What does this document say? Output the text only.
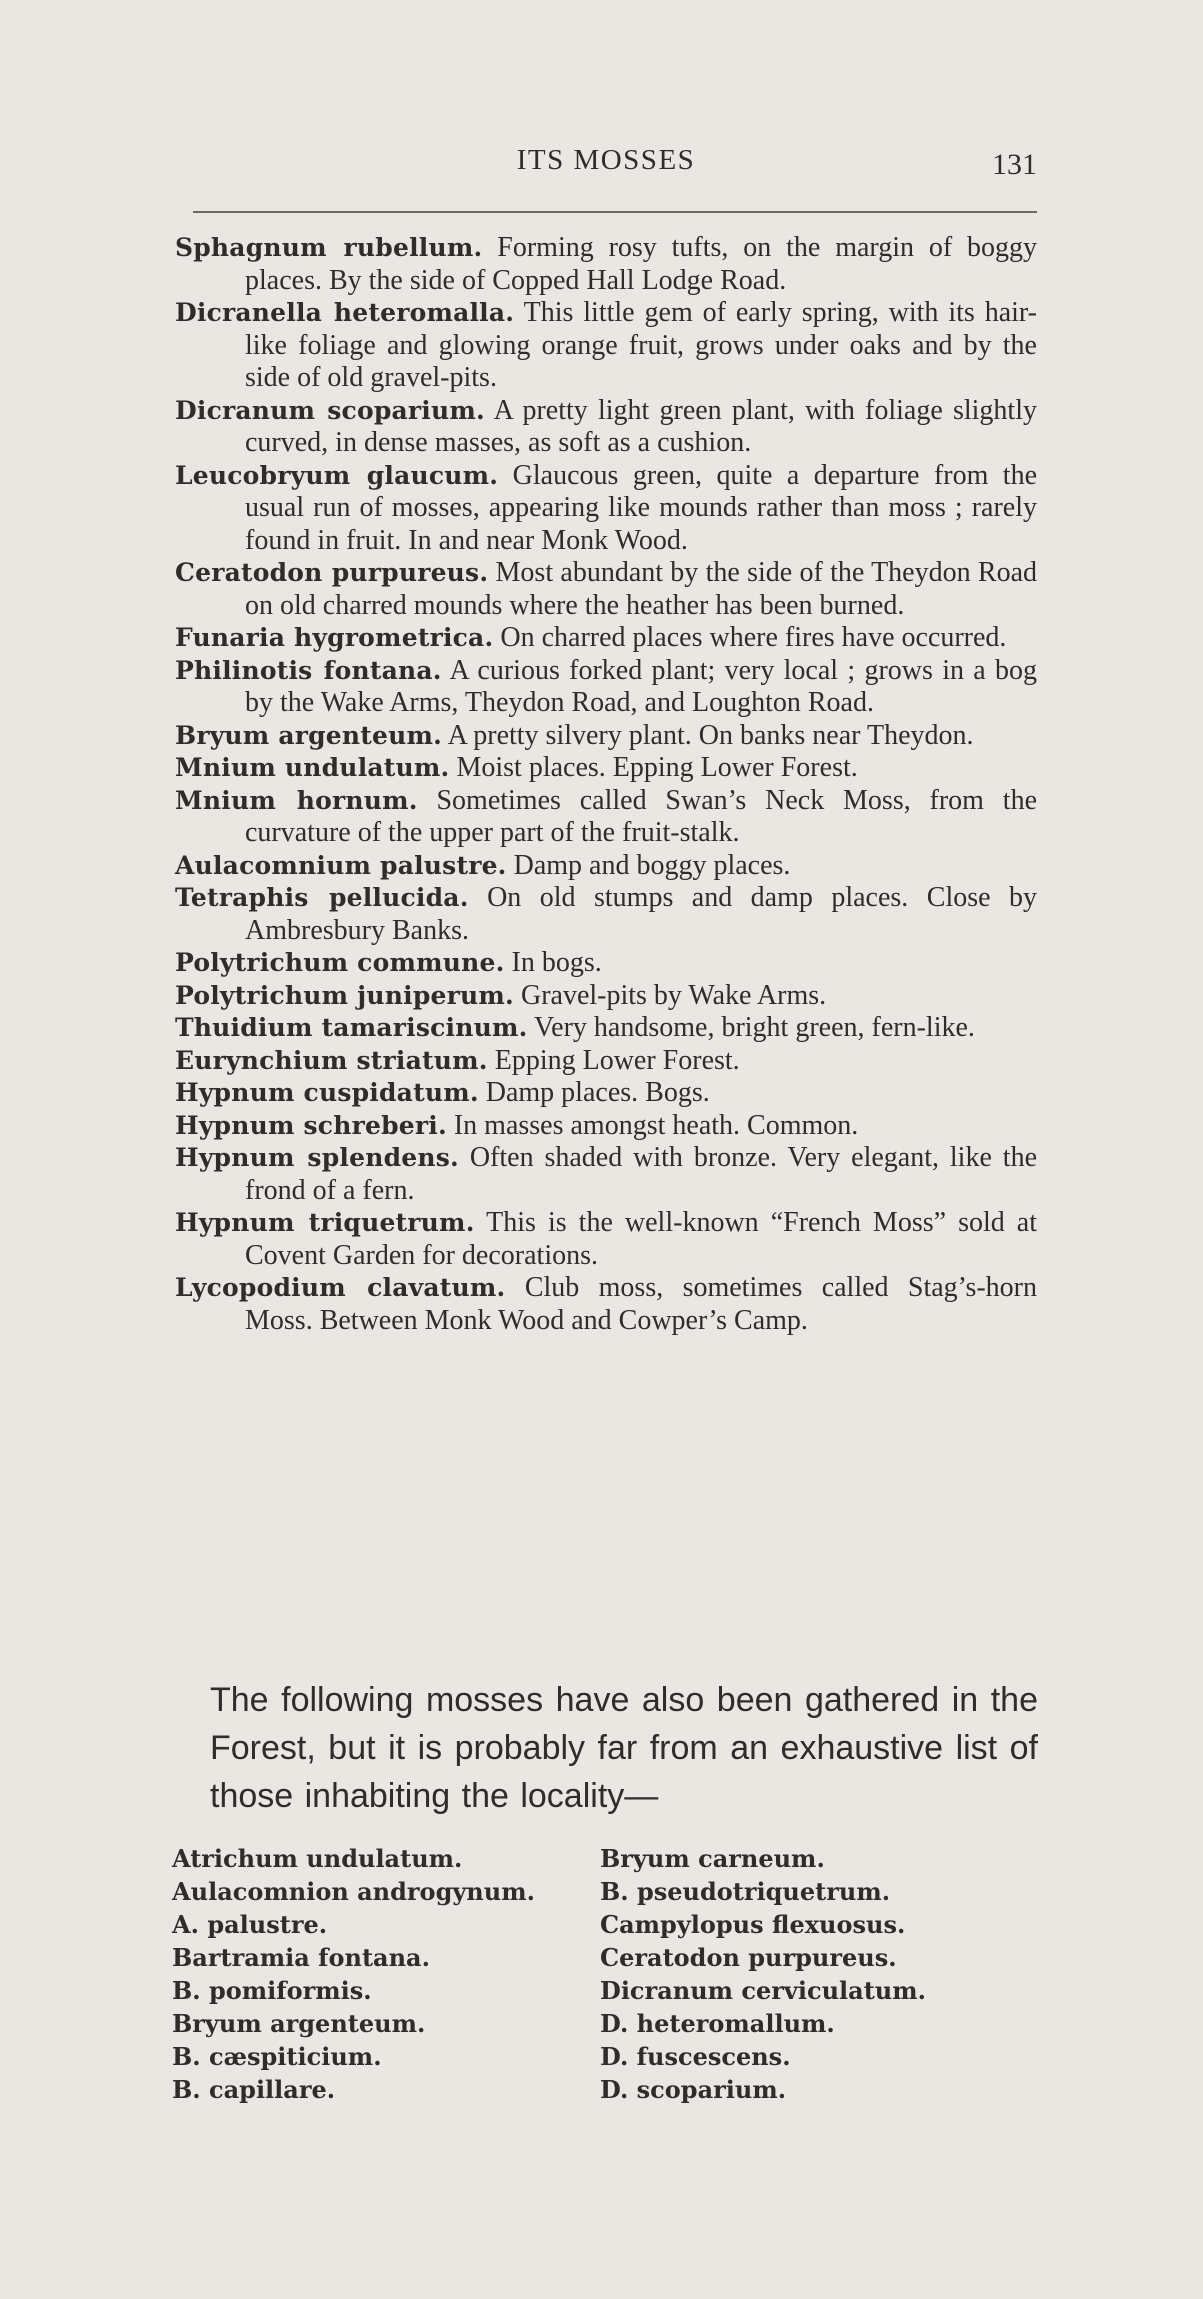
ITS MOSSES	131

Sphagnum rubellum. Forming rosy tufts, on the margin of boggy places. By the side of Copped Hall Lodge Road.

Dicranella heteromalla. This little gem of early spring, with its hair-like foliage and glowing orange fruit, grows under oaks and by the side of old gravel-pits.

Dicranum scoparium. A pretty light green plant, with foliage slightly curved, in dense masses, as soft as a cushion.

Leucobryum glaucum. Glaucous green, quite a departure from the usual run of mosses, appearing like mounds rather than moss ; rarely found in fruit. In and near Monk Wood.

Ceratodon purpureus. Most abundant by the side of the Theydon Road on old charred mounds where the heather has been burned.

Funaria hygrometrica. On charred places where fires have occurred.

Philinotis fontana. A curious forked plant; very local ; grows in a bog by the Wake Arms, Theydon Road, and Loughton Road.

Bryum argenteum. A pretty silvery plant. On banks near Theydon.

Mnium undulatum. Moist places. Epping Lower Forest.

Mnium hornum. Sometimes called Swan’s Neck Moss, from the curvature of the upper part of the fruit-stalk.

Aulacomnium palustre. Damp and boggy places.

Tetraphis pellucida. On old stumps and damp places. Close by Ambresbury Banks.

Polytrichum commune. In bogs.

Polytrichum juniperum. Gravel-pits by Wake Arms.

Thuidium tamariscinum. Very handsome, bright green, fern-like.

Eurynchium striatum. Epping Lower Forest.

Hypnum cuspidatum. Damp places. Bogs.

Hypnum schreberi. In masses amongst heath. Common.

Hypnum splendens. Often shaded with bronze. Very elegant, like the frond of a fern.

Hypnum triquetrum. This is the well-known “French Moss” sold at Covent Garden for decorations.

Lycopodium clavatum. Club moss, sometimes called Stag’s-horn Moss. Between Monk Wood and Cowper’s Camp.

The following mosses have also been gathered in the Forest, but it is probably far from an exhaustive list of those inhabiting the locality—

Atrichum undulatum.
Aulacomnion androgynum.
A. palustre.
Bartramia fontana.
B. pomiformis.
Bryum argenteum.
B. cæspiticium.
B. capillare.
Bryum carneum.
B. pseudotriquetrum.
Campylopus flexuosus.
Ceratodon purpureus.
Dicranum cerviculatum.
D. heteromallum.
D. fuscescens.
D. scoparium.
